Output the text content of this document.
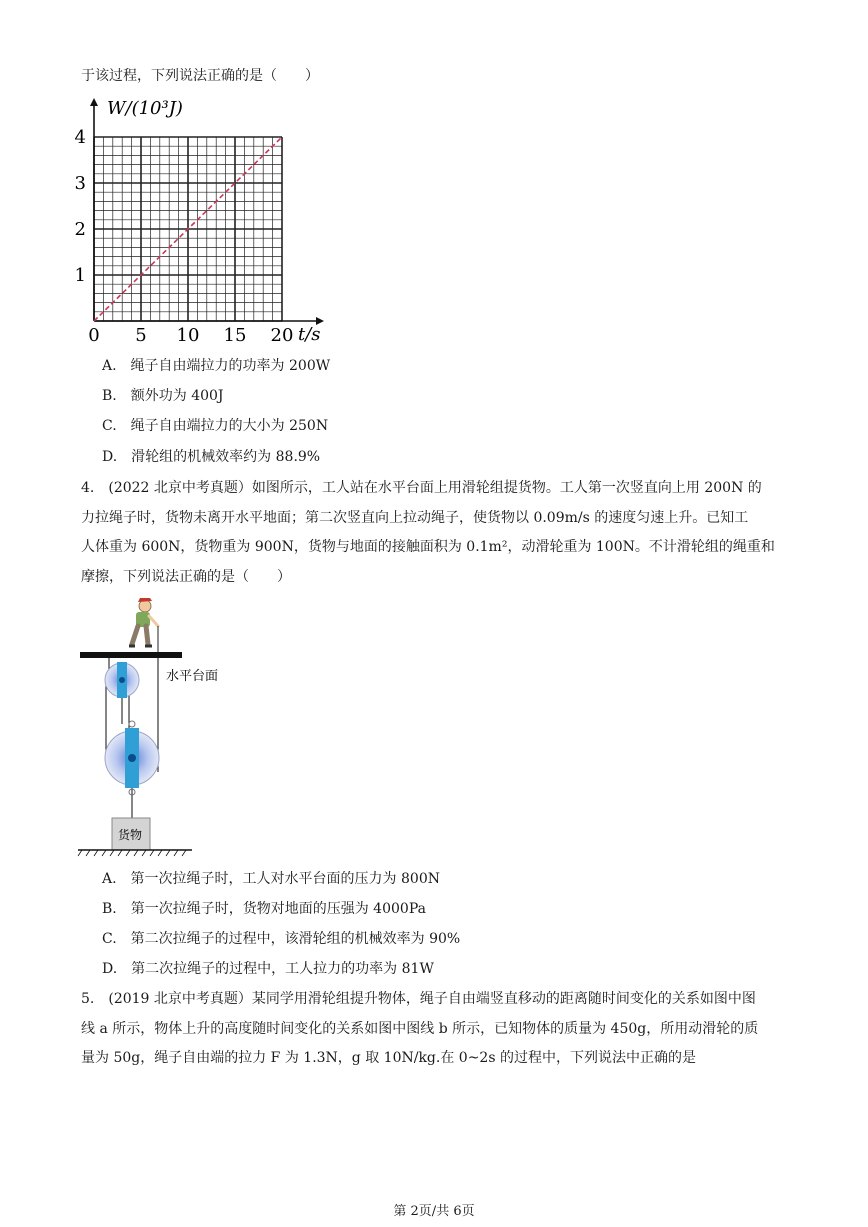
于该过程，下列说法正确的是（　　）
0 5 10 15 20
1
2
3
4
W/(10³J)
t/s
A.　绳子自由端拉力的功率为 200W
B.　额外功为 400J
C.　绳子自由端拉力的大小为 250N
D.　滑轮组的机械效率约为 88.9%
4.　(2022 北京中考真题）如图所示，工人站在水平台面上用滑轮组提货物。工人第一次竖直向上用 200N 的
力拉绳子时，货物未离开水平地面；第二次竖直向上拉动绳子，使货物以 0.09m/s 的速度匀速上升。已知工
人体重为 600N，货物重为 900N，货物与地面的接触面积为 0.1m²，动滑轮重为 100N。不计滑轮组的绳重和
摩擦，下列说法正确的是（　　）
水平台面
货物
A.　第一次拉绳子时，工人对水平台面的压力为 800N
B.　第一次拉绳子时，货物对地面的压强为 4000Pa
C.　第二次拉绳子的过程中，该滑轮组的机械效率为 90%
D.　第二次拉绳子的过程中，工人拉力的功率为 81W
5.　(2019 北京中考真题）某同学用滑轮组提升物体，绳子自由端竖直移动的距离随时间变化的关系如图中图
线 a 所示，物体上升的高度随时间变化的关系如图中图线 b 所示，已知物体的质量为 450g，所用动滑轮的质
量为 50g，绳子自由端的拉力 F 为 1.3N，g 取 10N/kg.在 0~2s 的过程中，下列说法中正确的是
第 2页/共 6页
